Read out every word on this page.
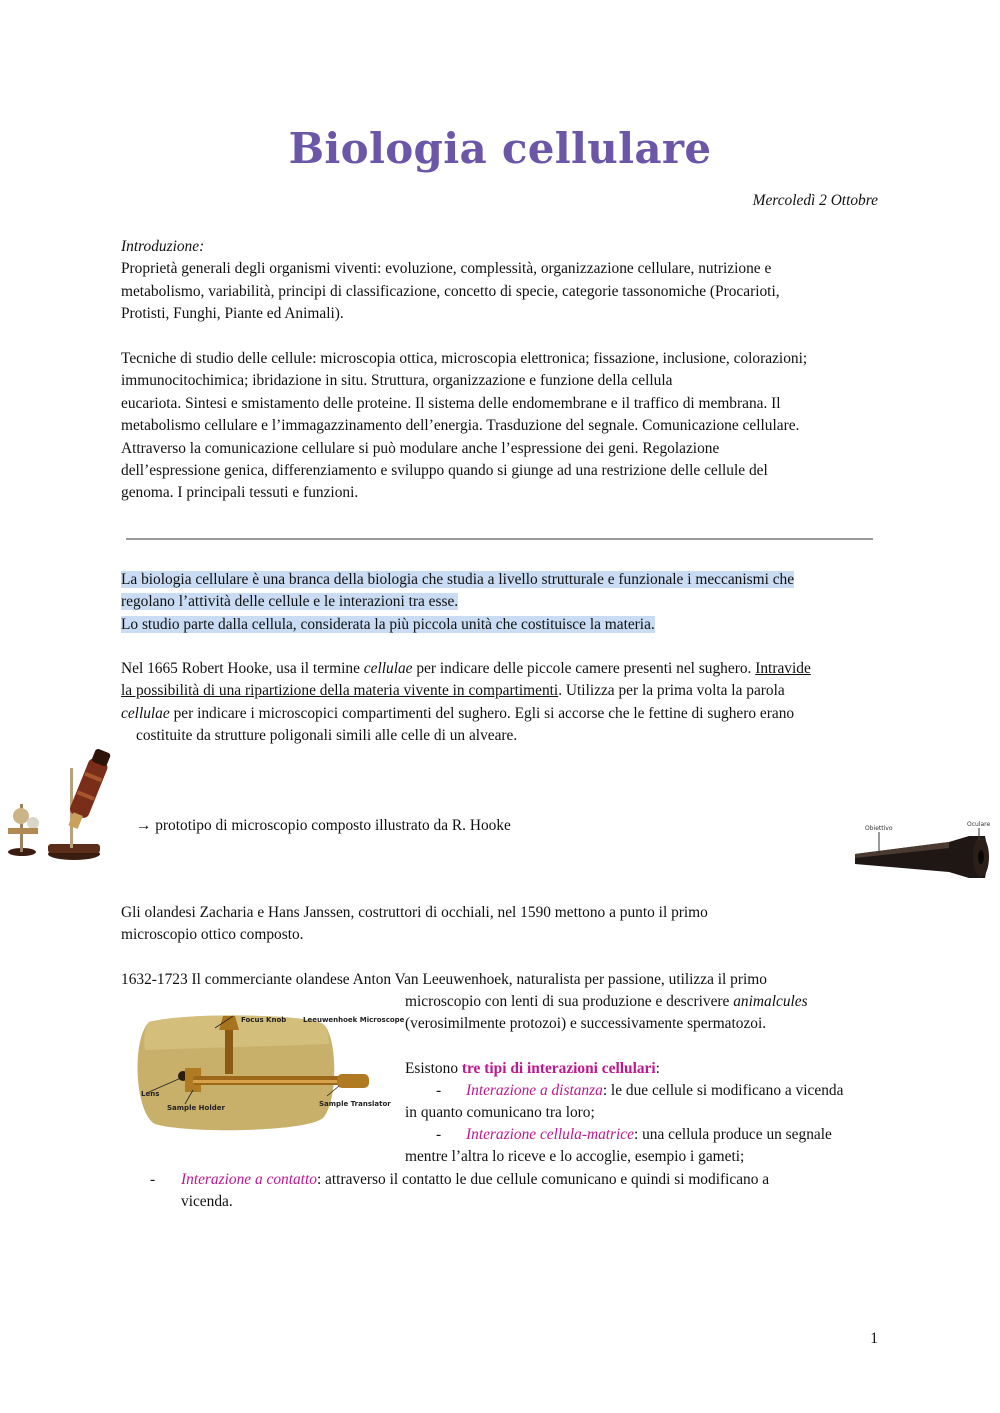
Biologia cellulare
Mercoledì 2 Ottobre
Introduzione:
Proprietà generali degli organismi viventi: evoluzione, complessità, organizzazione cellulare, nutrizione e
metabolismo, variabilità, principi di classificazione, concetto di specie, categorie tassonomiche (Procarioti,
Protisti, Funghi, Piante ed Animali).
Tecniche di studio delle cellule: microscopia ottica, microscopia elettronica; fissazione, inclusione, colorazioni;
immunocitochimica; ibridazione in situ. Struttura, organizzazione e funzione della cellula
eucariota. Sintesi e smistamento delle proteine. Il sistema delle endomembrane e il traffico di membrana. Il
metabolismo cellulare e l’immagazzinamento dell’energia. Trasduzione del segnale. Comunicazione cellulare.
Attraverso la comunicazione cellulare si può modulare anche l’espressione dei geni. Regolazione
dell’espressione genica, differenziamento e sviluppo quando si giunge ad una restrizione delle cellule del
genoma. I principali tessuti e funzioni.
La biologia cellulare è una branca della biologia che studia a livello strutturale e funzionale i meccanismi che
regolano l’attività delle cellule e le interazioni tra esse.
Lo studio parte dalla cellula, considerata la più piccola unità che costituisce la materia.
Nel 1665 Robert Hooke, usa il termine cellulae per indicare delle piccole camere presenti nel sughero. Intravide
la possibilità di una ripartizione della materia vivente in compartimenti. Utilizza per la prima volta la parola
cellulae per indicare i microscopici compartimenti del sughero. Egli si accorse che le fettine di sughero erano
costituite da strutture poligonali simili alle celle di un alveare.
→ prototipo di microscopio composto illustrato da R. Hooke	Obiettivo
Oculare
Gli olandesi Zacharia e Hans Janssen, costruttori di occhiali, nel 1590 mettono a punto il primo
microscopio ottico composto.
1632-1723 Il commerciante olandese Anton Van Leeuwenhoek, naturalista per passione, utilizza il primo
microscopio con lenti di sua produzione e descrivere animalcules
(verosimilmente protozoi) e successivamente spermatozoi.
Focus Knob Leeuwenhoek Microscope
Lens
Sample Holder	Sample Translator
Esistono tre tipi di interazioni cellulari:
- Interazione a distanza: le due cellule si modificano a vicenda
in quanto comunicano tra loro;
- Interazione cellula-matrice: una cellula produce un segnale
mentre l’altra lo riceve e lo accoglie, esempio i gameti;
- Interazione a contatto: attraverso il contatto le due cellule comunicano e quindi si modificano a
vicenda.
1
